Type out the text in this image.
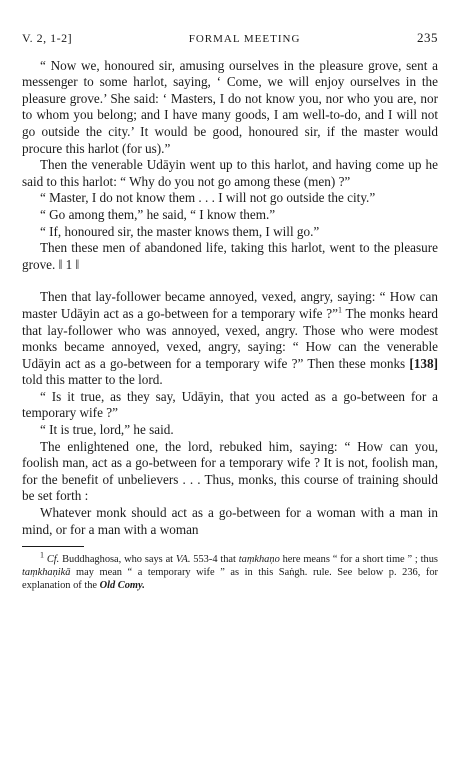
V. 2, 1-2]	FORMAL MEETING	235

“ Now we, honoured sir, amusing ourselves in the pleasure grove, sent a messenger to some harlot, saying, ‘ Come, we will enjoy ourselves in the pleasure grove.’ She said: ‘ Masters, I do not know you, nor who you are, nor to whom you belong; and I have many goods, I am well-to-do, and I will not go outside the city.’ It would be good, honoured sir, if the master would procure this harlot (for us).”

Then the venerable Udāyin went up to this harlot, and having come up he said to this harlot: “ Why do you not go among these (men) ?”

“ Master, I do not know them . . . I will not go outside the city.”

“ Go among them,” he said, “ I know them.”

“ If, honoured sir, the master knows them, I will go.”

Then these men of abandoned life, taking this harlot, went to the pleasure grove. ‖ 1 ‖

Then that lay-follower became annoyed, vexed, angry, saying: “ How can master Udāyin act as a go-between for a temporary wife ?”$^1$ The monks heard that lay-follower who was annoyed, vexed, angry. Those who were modest monks became annoyed, vexed, angry, saying: “ How can the venerable Udāyin act as a go-between for a temporary wife ?” Then these monks [138] told this matter to the lord.

“ Is it true, as they say, Udāyin, that you acted as a go-between for a temporary wife ?”

“ It is true, lord,” he said.

The enlightened one, the lord, rebuked him, saying: “ How can you, foolish man, act as a go-between for a temporary wife ? It is not, foolish man, for the benefit of unbelievers . . . Thus, monks, this course of training should be set forth :

Whatever monk should act as a go-between for a woman with a man in mind, or for a man with a woman

$^1$ Cf. Buddhaghosa, who says at VA. 553-4 that taṃkhaṇo here means “ for a short time ” ; thus taṃkhaṇikā may mean “ a temporary wife ” as in this Saṅgh. rule. See below p. 236, for explanation of the Old Comy.
